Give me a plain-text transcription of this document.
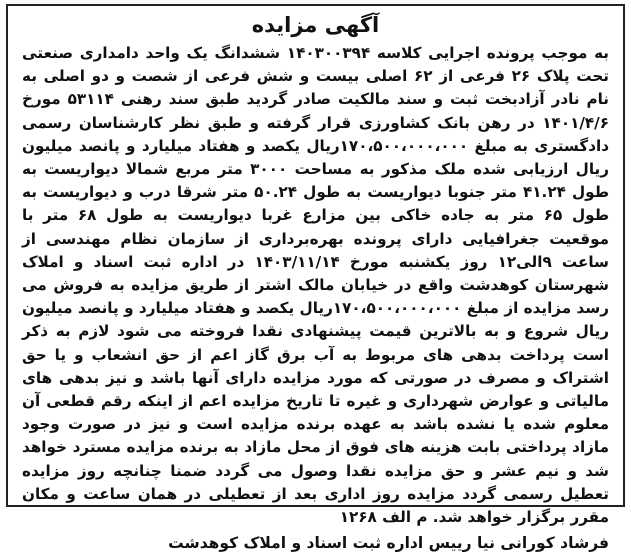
آگهی مزایده

به موجب پرونده اجرایی کلاسه ۱۴۰۳۰۰۳۹۴ ششدانگ یک واحد دامداری صنعتی تحت پلاک ۲۶ فرعی از ۶۲ اصلی بیست و شش فرعی از شصت و دو اصلی به نام نادر آزادبخت ثبت و سند مالکیت صادر گردید طبق سند رهنی ۵۳۱۱۴ مورخ ۱۴۰۱/۴/۶ در رهن بانک کشاورزی قرار گرفته و طبق نظر کارشناسان رسمی دادگستری به مبلغ ۱۷۰،۵۰۰،۰۰۰،۰۰۰ریال یکصد و هفتاد میلیارد و پانصد میلیون ریال ارزیابی شده ملک مذکور به مساحت ۳۰۰۰ متر مربع شمالا دیواریست به طول ۴۱.۲۴ متر جنوبا دیواریست به طول ۵۰.۲۴ متر شرقا درب و دیواریست به طول ۶۵ متر به جاده خاکی بین مزارع غربا دیواریست به طول ۶۸ متر با موقعیت جغرافیایی دارای پرونده بهره‌برداری از سازمان نظام مهندسی از ساعت ۹الی۱۲ روز یکشنبه مورخ ۱۴۰۳/۱۱/۱۴ در اداره ثبت اسناد و املاک شهرستان کوهدشت واقع در خیابان مالک اشتر از طریق مزایده به فروش می رسد مزایده از مبلغ ۱۷۰،۵۰۰،۰۰۰،۰۰۰ریال یکصد و هفتاد میلیارد و پانصد میلیون ریال شروع و به بالاترین قیمت پیشنهادی نقدا فروخته می شود لازم به ذکر است پرداخت بدهی های مربوط به آب برق گاز اعم از حق انشعاب و یا حق اشتراک و مصرف در صورتی که مورد مزایده دارای آنها باشد و نیز بدهی های مالیاتی و عوارض شهرداری و غیره تا تاریخ مزایده اعم از اینکه رقم قطعی آن معلوم شده یا نشده باشد به عهده برنده مزایده است و نیز در صورت وجود مازاد پرداختی بابت هزینه های فوق از محل مازاد به برنده مزایده مسترد خواهد شد و نیم عشر و حق مزایده نقدا وصول می گردد ضمنا چنانچه روز مزایده تعطیل رسمی گردد مزایده روز اداری بعد از تعطیلی در همان ساعت و مکان مقرر برگزار خواهد شد. م الف ۱۲۶۸

فرشاد کورانی نیا رییس اداره ثبت اسناد و املاک کوهدشت
